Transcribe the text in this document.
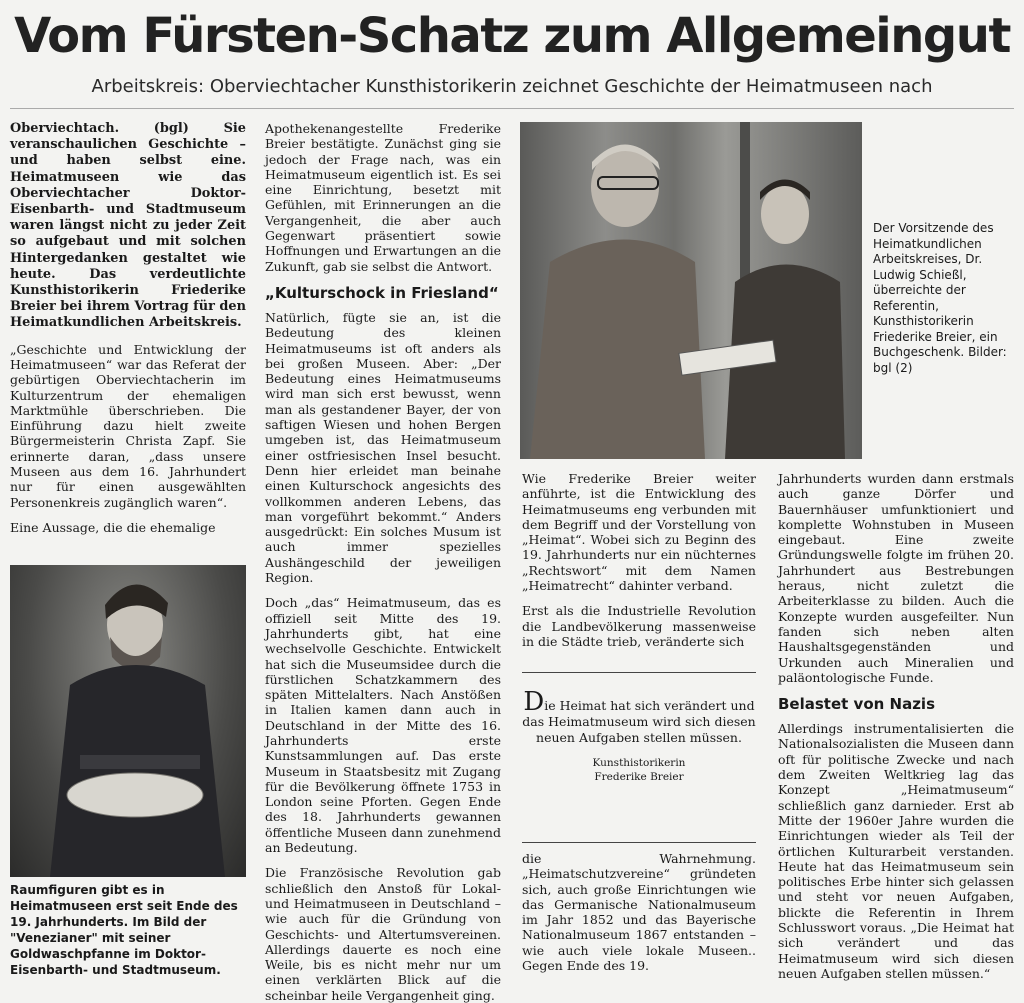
Vom Fürsten-Schatz zum Allgemeingut
Arbeitskreis: Oberviechtacher Kunsthistorikerin zeichnet Geschichte der Heimatmuseen nach

Oberviechtach. (bgl) Sie veranschaulichen Geschichte – und haben selbst eine. Heimatmuseen wie das Oberviechtacher Doktor-Eisenbarth- und Stadtmuseum waren längst nicht zu jeder Zeit so aufgebaut und mit solchen Hintergedanken gestaltet wie heute. Das verdeutlichte Kunsthistorikerin Friederike Breier bei ihrem Vortrag für den Heimatkundlichen Arbeitskreis.

„Geschichte und Entwicklung der Heimatmuseen“ war das Referat der gebürtigen Oberviechtacherin im Kulturzentrum der ehemaligen Marktmühle überschrieben. Die Einführung dazu hielt zweite Bürgermeisterin Christa Zapf. Sie erinnerte daran, „dass unsere Museen aus dem 16. Jahrhundert nur für einen ausgewählten Personenkreis zugänglich waren“.

Eine Aussage, die die ehemalige

Raumfiguren gibt es in Heimatmuseen erst seit Ende des 19. Jahrhunderts. Im Bild der "Venezianer" mit seiner Goldwaschpfanne im Doktor-Eisenbarth- und Stadtmuseum.

Apothekenangestellte Frederike Breier bestätigte. Zunächst ging sie jedoch der Frage nach, was ein Heimatmuseum eigentlich ist. Es sei eine Einrichtung, besetzt mit Gefühlen, mit Erinnerungen an die Vergangenheit, die aber auch Gegenwart präsentiert sowie Hoffnungen und Erwartungen an die Zukunft, gab sie selbst die Antwort.

„Kulturschock in Friesland“

Natürlich, fügte sie an, ist die Bedeutung des kleinen Heimatmuseums ist oft anders als bei großen Museen. Aber: „Der Bedeutung eines Heimatmuseums wird man sich erst bewusst, wenn man als gestandener Bayer, der von saftigen Wiesen und hohen Bergen umgeben ist, das Heimatmuseum einer ostfriesischen Insel besucht. Denn hier erleidet man beinahe einen Kulturschock angesichts des vollkommen anderen Lebens, das man vorgeführt bekommt.“ Anders ausgedrückt: Ein solches Musum ist auch immer spezielles Aushängeschild der jeweiligen Region.

Doch „das“ Heimatmuseum, das es offiziell seit Mitte des 19. Jahrhunderts gibt, hat eine wechselvolle Geschichte. Entwickelt hat sich die Museumsidee durch die fürstlichen Schatzkammern des späten Mittelalters. Nach Anstößen in Italien kamen dann auch in Deutschland in der Mitte des 16. Jahrhunderts erste Kunstsammlungen auf. Das erste Museum in Staatsbesitz mit Zugang für die Bevölkerung öffnete 1753 in London seine Pforten. Gegen Ende des 18. Jahrhunderts gewannen öffentliche Museen dann zunehmend an Bedeutung.

Die Französische Revolution gab schließlich den Anstoß für Lokal- und Heimatmuseen in Deutschland – wie auch für die Gründung von Geschichts- und Altertumsvereinen. Allerdings dauerte es noch eine Weile, bis es nicht mehr nur um einen verklärten Blick auf die scheinbar heile Vergangenheit ging.

Der Vorsitzende des Heimatkundlichen Arbeitskreises, Dr. Ludwig Schießl, überreichte der Referentin, Kunsthistorikerin Friederike Breier, ein Buchgeschenk. Bilder: bgl (2)

Wie Frederike Breier weiter anführte, ist die Entwicklung des Heimatmuseums eng verbunden mit dem Begriff und der Vorstellung von „Heimat“. Wobei sich zu Beginn des 19. Jahrhunderts nur ein nüchternes „Rechtswort“ mit dem Namen „Heimatrecht“ dahinter verband.

Erst als die Industrielle Revolution die Landbevölkerung massenweise in die Städte trieb, veränderte sich

Die Heimat hat sich verändert und das Heimatmuseum wird sich diesen neuen Aufgaben stellen müssen.
Kunsthistorikerin
Frederike Breier

die Wahrnehmung. „Heimatschutzvereine“ gründeten sich, auch große Einrichtungen wie das Germanische Nationalmuseum im Jahr 1852 und das Bayerische Nationalmuseum 1867 entstanden – wie auch viele lokale Museen.. Gegen Ende des 19.

Jahrhunderts wurden dann erstmals auch ganze Dörfer und Bauernhäuser umfunktioniert und komplette Wohnstuben in Museen eingebaut. Eine zweite Gründungswelle folgte im frühen 20. Jahrhundert aus Bestrebungen heraus, nicht zuletzt die Arbeiterklasse zu bilden. Auch die Konzepte wurden ausgefeilter. Nun fanden sich neben alten Haushaltsgegenständen und Urkunden auch Mineralien und paläontologische Funde.

Belastet von Nazis

Allerdings instrumentalisierten die Nationalsozialisten die Museen dann oft für politische Zwecke und nach dem Zweiten Weltkrieg lag das Konzept „Heimatmuseum“ schließlich ganz darnieder. Erst ab Mitte der 1960er Jahre wurden die Einrichtungen wieder als Teil der örtlichen Kulturarbeit verstanden. Heute hat das Heimatmuseum sein politisches Erbe hinter sich gelassen und steht vor neuen Aufgaben, blickte die Referentin in Ihrem Schlusswort voraus. „Die Heimat hat sich verändert und das Heimatmuseum wird sich diesen neuen Aufgaben stellen müssen.“
